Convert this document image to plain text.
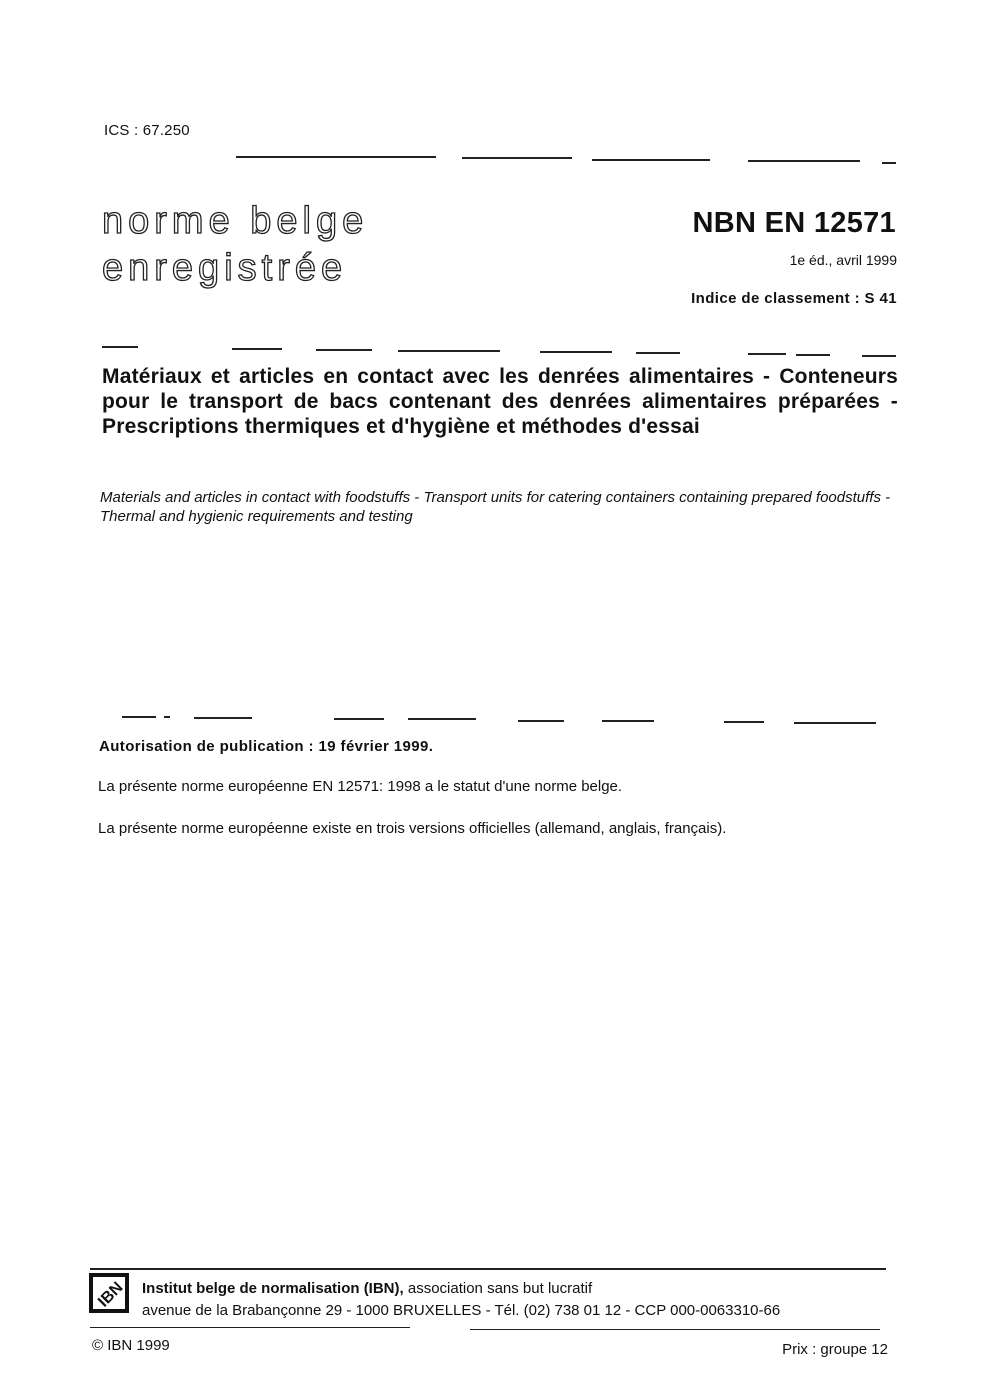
ICS : 67.250
norme belge
enregistrée
NBN EN 12571
1e éd., avril 1999
Indice de classement : S 41
Matériaux et articles en contact avec les denrées alimentaires - Conteneurs pour le transport de bacs contenant des denrées alimentaires préparées - Prescriptions thermiques et d'hygiène et méthodes d'essai
Materials and articles in contact with foodstuffs - Transport units for catering containers containing prepared foodstuffs - Thermal and hygienic requirements and testing
Autorisation de publication : 19 février 1999.
La présente norme européenne EN 12571: 1998 a le statut d'une norme belge.
La présente norme européenne existe en trois versions officielles (allemand, anglais, français).
IBN Institut belge de normalisation (IBN), association sans but lucratif
avenue de la Brabançonne 29 - 1000 BRUXELLES - Tél. (02) 738 01 12 - CCP 000-0063310-66
© IBN 1999	Prix : groupe 12
